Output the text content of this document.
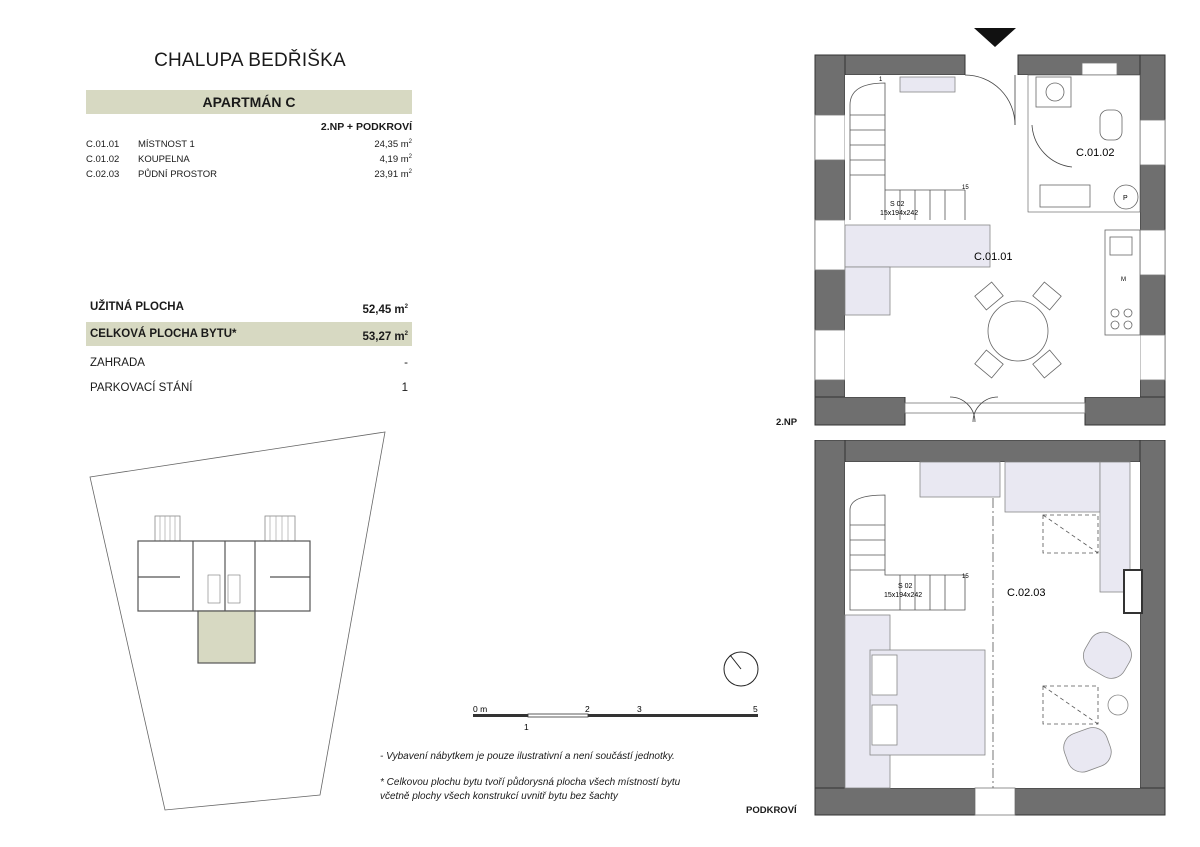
CHALUPA BEDŘIŠKA
APARTMÁN C
2.NP + PODKROVÍ
C.01.01 MÍSTNOST 1	24,35 $m^2$
C.01.02 KOUPELNA	4,19 $m^2$
C.02.03 PŮDNÍ PROSTOR	23,91 $m^2$
UŽITNÁ PLOCHA	52,45 $m^2$
CELKOVÁ PLOCHA BYTU*	53,27 $m^2$
ZAHRADA	-
PARKOVACÍ STÁNÍ	1
0 m
1
2	3	5
- Vybavení nábytkem je pouze ilustrativní a není součástí jednotky.
* Celkovou plochu bytu tvoří půdorysná plocha všech místností bytu
včetně plochy všech konstrukcí uvnitř bytu bez šachty
1
15
S 02
15x194x242
M
P
C.01.02
C.01.01
2.NP
15
S 02
15x194x242	C.02.03
PODKROVÍ
